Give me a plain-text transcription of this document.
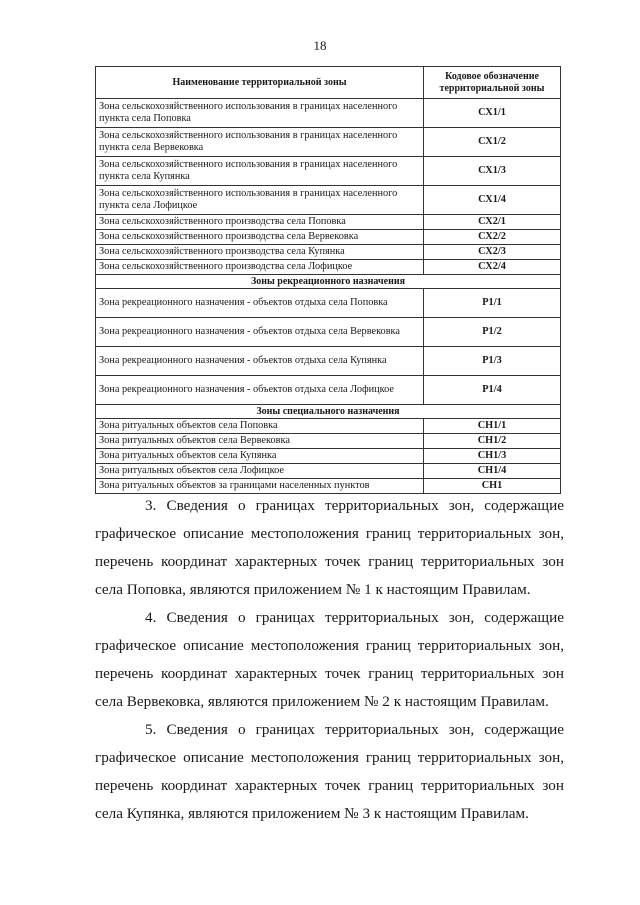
18
Наименование территориальной зоны	Кодовое обозначение территориальной зоны
Зона сельскохозяйственного использования в границах населенного пункта села Поповка	СХ1/1
Зона сельскохозяйственного использования в границах населенного пункта села Вервековка	СХ1/2
Зона сельскохозяйственного использования в границах населенного пункта села Купянка	СХ1/3
Зона сельскохозяйственного использования в границах населенного пункта села Лофицкое	СХ1/4
Зона сельскохозяйственного производства села Поповка	СХ2/1
Зона сельскохозяйственного производства села Вервековка	СХ2/2
Зона сельскохозяйственного производства села Купянка	СХ2/3
Зона сельскохозяйственного производства села Лофицкое	СХ2/4
Зоны рекреационного назначения	
Зона рекреационного назначения - объектов отдыха села Поповка	Р1/1
Зона рекреационного назначения - объектов отдыха села Вервековка	Р1/2
Зона рекреационного назначения - объектов отдыха села Купянка	Р1/3
Зона рекреационного назначения - объектов отдыха села Лофицкое	Р1/4
Зоны специального назначения	
Зона ритуальных объектов села Поповка	СН1/1
Зона ритуальных объектов села Вервековка	СН1/2
Зона ритуальных объектов села Купянка	СН1/3
Зона ритуальных объектов села Лофицкое	СН1/4
Зона ритуальных объектов за границами населенных пунктов	СН1

3. Сведения о границах территориальных зон, содержащие графическое описание местоположения границ территориальных зон, перечень координат характерных точек границ территориальных зон села Поповка, являются приложением № 1 к настоящим Правилам.

4. Сведения о границах территориальных зон, содержащие графическое описание местоположения границ территориальных зон, перечень координат характерных точек границ территориальных зон села Вервековка, являются приложением № 2 к настоящим Правилам.

5. Сведения о границах территориальных зон, содержащие графическое описание местоположения границ территориальных зон, перечень координат характерных точек границ территориальных зон села Купянка, являются приложением № 3 к настоящим Правилам.
